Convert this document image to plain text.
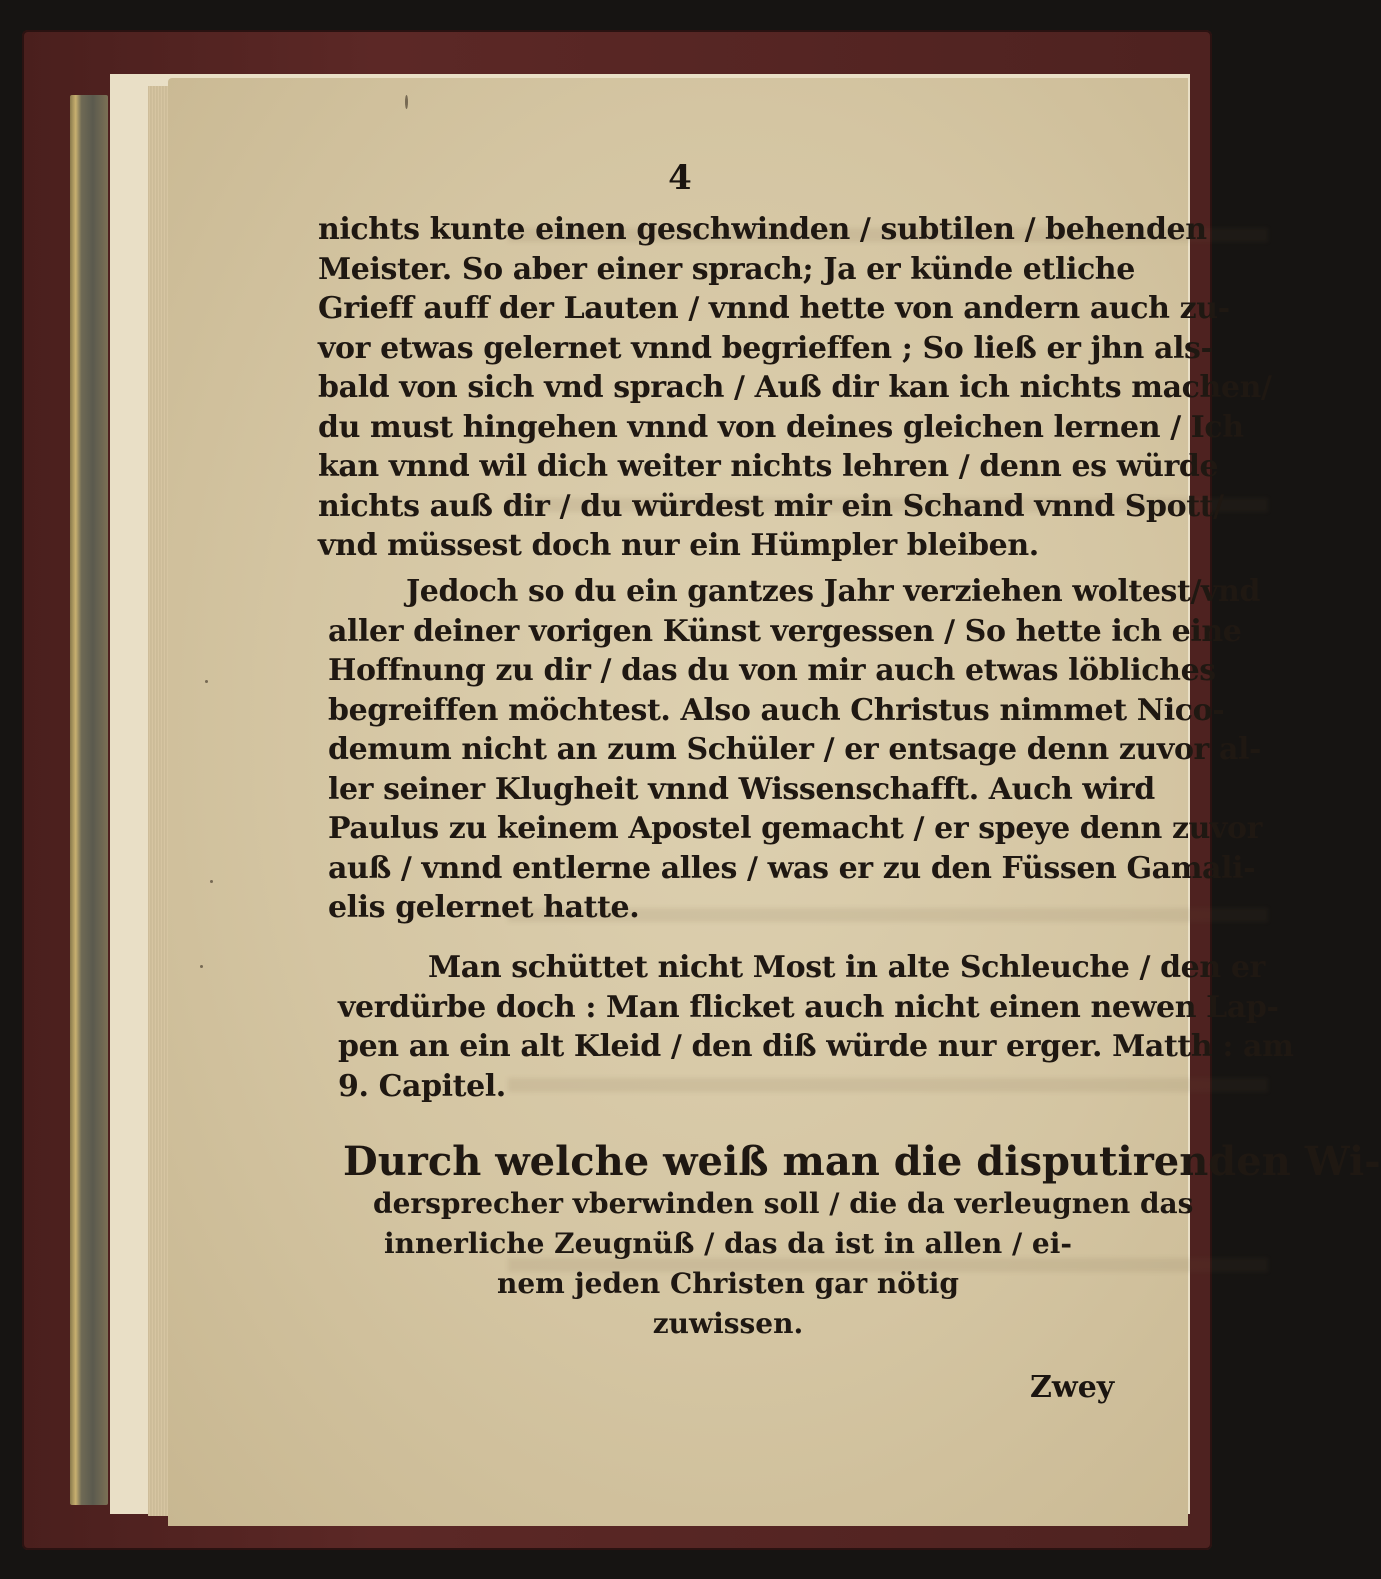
4

nichts kunte einen geschwinden / subtilen / behenden

Meister. So aber einer sprach; Ja er künde etliche

Grieff auff der Lauten / vnnd hette von andern auch zu-

vor etwas gelernet vnnd begrieffen ; So ließ er jhn als-

bald von sich vnd sprach / Auß dir kan ich nichts machen/

du must hingehen vnnd von deines gleichen lernen / Ich

kan vnnd wil dich weiter nichts lehren / denn es würde

nichts auß dir / du würdest mir ein Schand vnnd Spott/

vnd müssest doch nur ein Hümpler bleiben.

Jedoch so du ein gantzes Jahr verziehen woltest/vnd

aller deiner vorigen Künst vergessen / So hette ich eine

Hoffnung zu dir / das du von mir auch etwas löbliches

begreiffen möchtest. Also auch Christus nimmet Nico-

demum nicht an zum Schüler / er entsage denn zuvor al-

ler seiner Klugheit vnnd Wissenschafft. Auch wird

Paulus zu keinem Apostel gemacht / er speye denn zuvor

auß / vnnd entlerne alles / was er zu den Füssen Gamali-

elis gelernet hatte.

Man schüttet nicht Most in alte Schleuche / den er

verdürbe doch : Man flicket auch nicht einen newen Lap-

pen an ein alt Kleid / den diß würde nur erger. Matth : am

9. Capitel.

Durch welche weiß man die disputirenden Wi-

dersprecher vberwinden soll / die da verleugnen das

innerliche Zeugnüß / das da ist in allen / ei-

nem jeden Christen gar nötig

zuwissen.

Zwey
